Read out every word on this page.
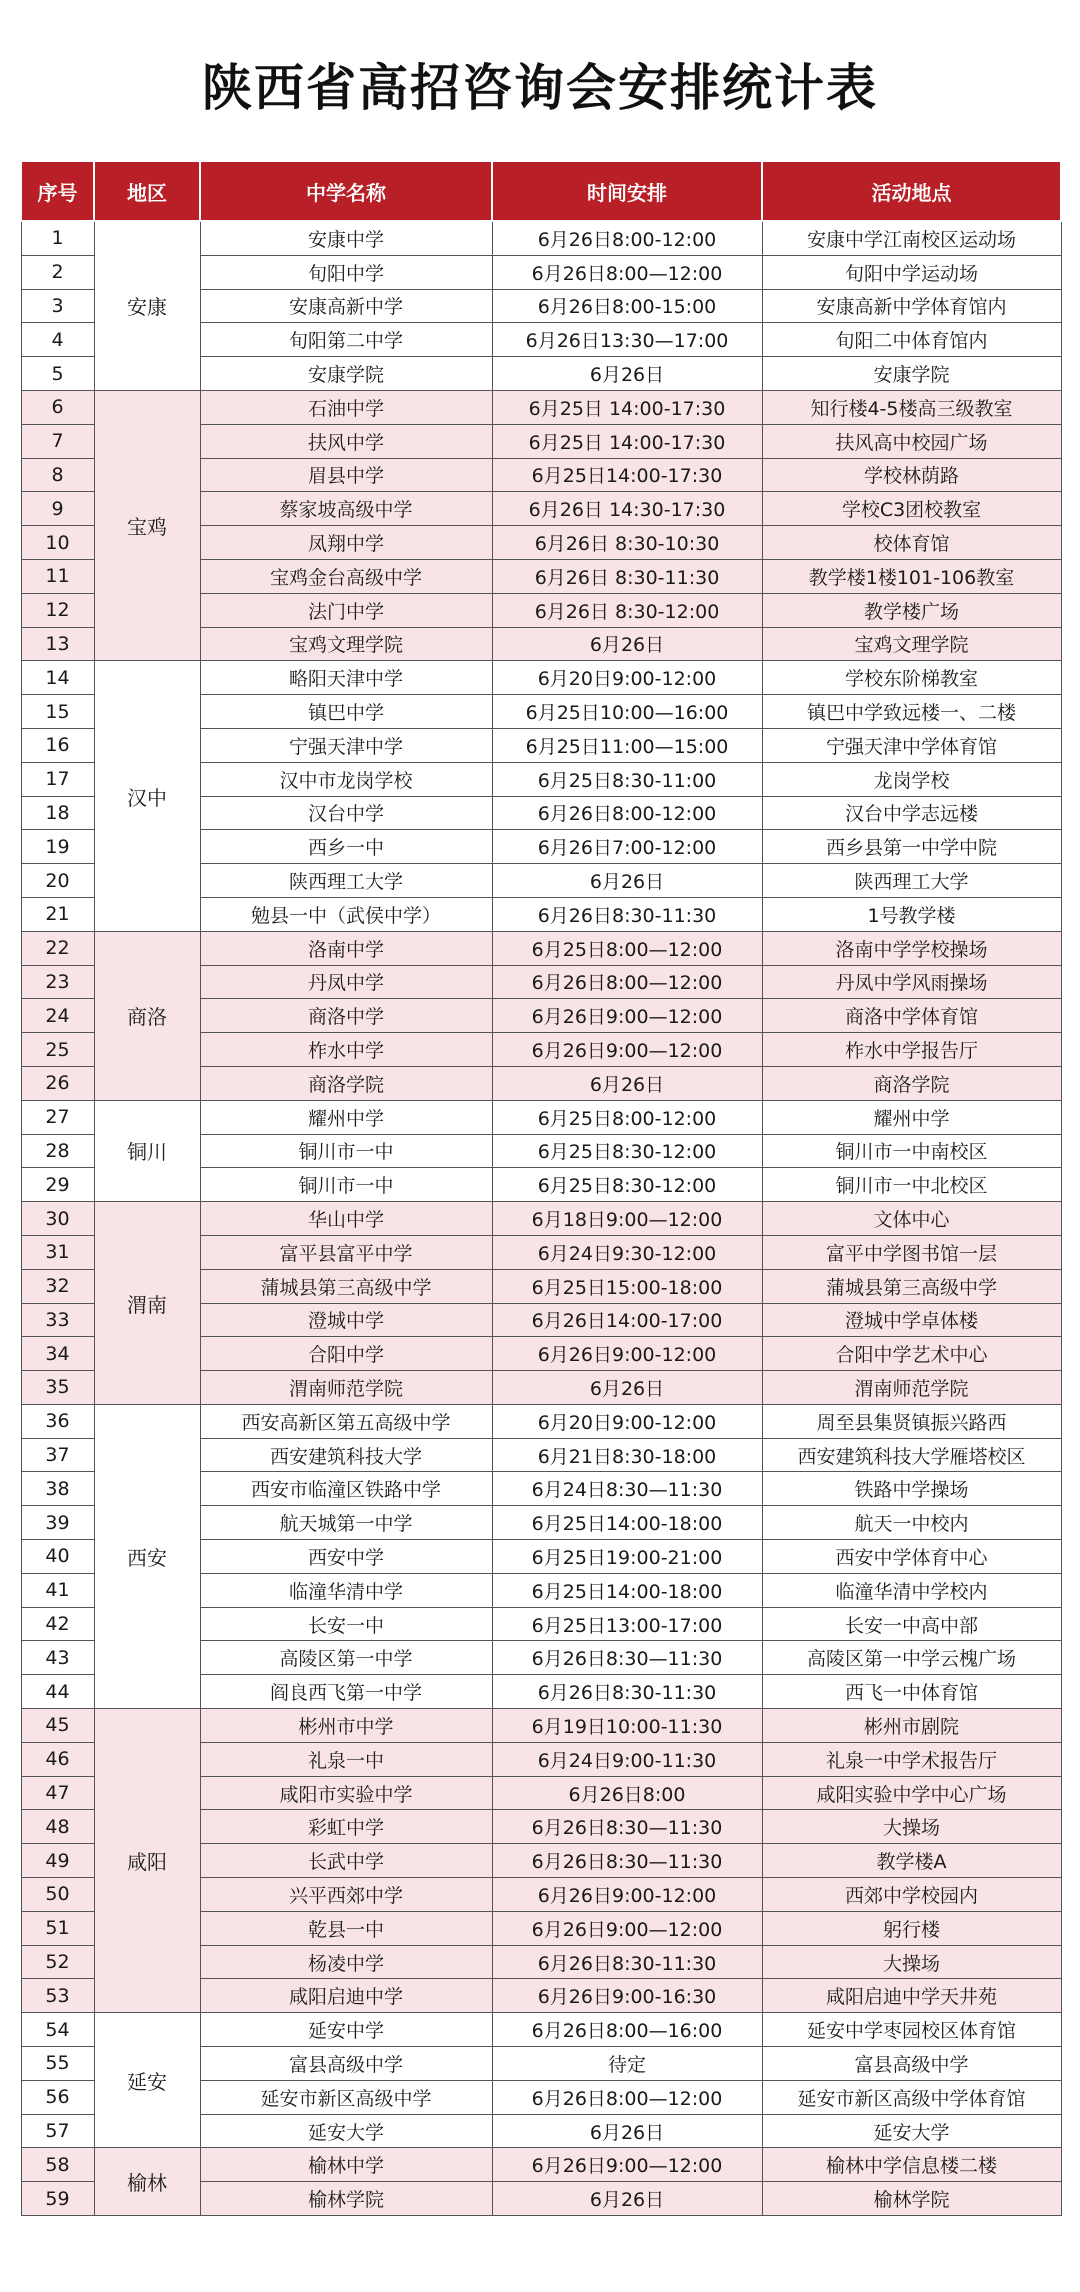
陕西省高招咨询会安排统计表
序号	地区	中学名称	时间安排	活动地点
1	安康	安康中学	6月26日8:00-12:00	安康中学江南校区运动场
2		旬阳中学	6月26日8:00—12:00	旬阳中学运动场
3		安康高新中学	6月26日8:00-15:00	安康高新中学体育馆内
4		旬阳第二中学	6月26日13:30—17:00	旬阳二中体育馆内
5		安康学院	6月26日	安康学院
6	宝鸡	石油中学	6月25日 14:00-17:30	知行楼4-5楼高三级教室
7		扶风中学	6月25日 14:00-17:30	扶风高中校园广场
8		眉县中学	6月25日14:00-17:30	学校林荫路
9		蔡家坡高级中学	6月26日 14:30-17:30	学校C3团校教室
10		凤翔中学	6月26日 8:30-10:30	校体育馆
11		宝鸡金台高级中学	6月26日 8:30-11:30	教学楼1楼101-106教室
12		法门中学	6月26日 8:30-12:00	教学楼广场
13		宝鸡文理学院	6月26日	宝鸡文理学院
14	汉中	略阳天津中学	6月20日9:00-12:00	学校东阶梯教室
15		镇巴中学	6月25日10:00—16:00	镇巴中学致远楼一、二楼
16		宁强天津中学	6月25日11:00—15:00	宁强天津中学体育馆
17		汉中市龙岗学校	6月25日8:30-11:00	龙岗学校
18		汉台中学	6月26日8:00-12:00	汉台中学志远楼
19		西乡一中	6月26日7:00-12:00	西乡县第一中学中院
20		陕西理工大学	6月26日	陕西理工大学
21		勉县一中（武侯中学）	6月26日8:30-11:30	1号教学楼
22	商洛	洛南中学	6月25日8:00—12:00	洛南中学学校操场
23		丹凤中学	6月26日8:00—12:00	丹凤中学风雨操场
24		商洛中学	6月26日9:00—12:00	商洛中学体育馆
25		柞水中学	6月26日9:00—12:00	柞水中学报告厅
26		商洛学院	6月26日	商洛学院
27	铜川	耀州中学	6月25日8:00-12:00	耀州中学
28		铜川市一中	6月25日8:30-12:00	铜川市一中南校区
29		铜川市一中	6月25日8:30-12:00	铜川市一中北校区
30	渭南	华山中学	6月18日9:00—12:00	文体中心
31		富平县富平中学	6月24日9:30-12:00	富平中学图书馆一层
32		蒲城县第三高级中学	6月25日15:00-18:00	蒲城县第三高级中学
33		澄城中学	6月26日14:00-17:00	澄城中学卓体楼
34		合阳中学	6月26日9:00-12:00	合阳中学艺术中心
35		渭南师范学院	6月26日	渭南师范学院
36	西安	西安高新区第五高级中学	6月20日9:00-12:00	周至县集贤镇振兴路西
37		西安建筑科技大学	6月21日8:30-18:00	西安建筑科技大学雁塔校区
38		西安市临潼区铁路中学	6月24日8:30—11:30	铁路中学操场
39		航天城第一中学	6月25日14:00-18:00	航天一中校内
40		西安中学	6月25日19:00-21:00	西安中学体育中心
41		临潼华清中学	6月25日14:00-18:00	临潼华清中学校内
42		长安一中	6月25日13:00-17:00	长安一中高中部
43		高陵区第一中学	6月26日8:30—11:30	高陵区第一中学云槐广场
44		阎良西飞第一中学	6月26日8:30-11:30	西飞一中体育馆
45	咸阳	彬州市中学	6月19日10:00-11:30	彬州市剧院
46		礼泉一中	6月24日9:00-11:30	礼泉一中学术报告厅
47		咸阳市实验中学	6月26日8:00	咸阳实验中学中心广场
48		彩虹中学	6月26日8:30—11:30	大操场
49		长武中学	6月26日8:30—11:30	教学楼A
50		兴平西郊中学	6月26日9:00-12:00	西郊中学校园内
51		乾县一中	6月26日9:00—12:00	躬行楼
52		杨凌中学	6月26日8:30-11:30	大操场
53		咸阳启迪中学	6月26日9:00-16:30	咸阳启迪中学天井苑
54	延安	延安中学	6月26日8:00—16:00	延安中学枣园校区体育馆
55		富县高级中学	待定	富县高级中学
56		延安市新区高级中学	6月26日8:00—12:00	延安市新区高级中学体育馆
57		延安大学	6月26日	延安大学
58	榆林	榆林中学	6月26日9:00—12:00	榆林中学信息楼二楼
59		榆林学院	6月26日	榆林学院
